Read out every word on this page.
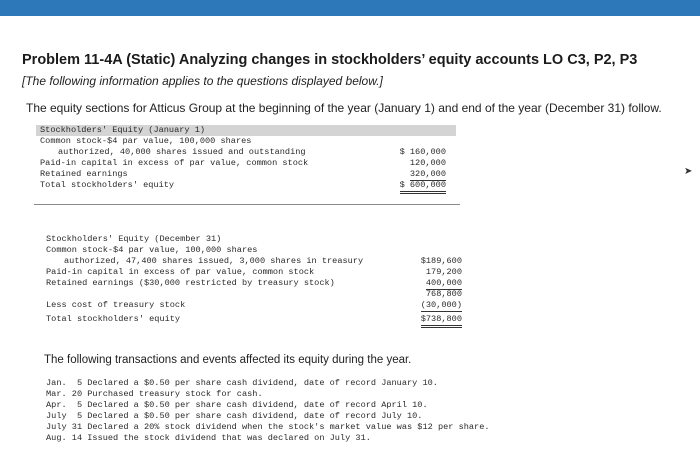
Problem 11-4A (Static) Analyzing changes in stockholders’ equity accounts LO C3, P2, P3
[The following information applies to the questions displayed below.]
The equity sections for Atticus Group at the beginning of the year (January 1) and end of the year (December 31) follow.
Stockholders' Equity (January 1)
Common stock-$4 par value, 100,000 shares
authorized, 40,000 shares issued and outstanding	$ 160,000
Paid-in capital in excess of par value, common stock	120,000
Retained earnings	320,000
Total stockholders' equity	$ 600,000
Stockholders' Equity (December 31)
Common stock-$4 par value, 100,000 shares
authorized, 47,400 shares issued, 3,000 shares in treasury	$189,600
Paid-in capital in excess of par value, common stock	179,200
Retained earnings ($30,000 restricted by treasury stock)	400,000
768,800
Less cost of treasury stock	(30,000)
Total stockholders' equity	$738,800
The following transactions and events affected its equity during the year.
Jan.  5 Declared a $0.50 per share cash dividend, date of record January 10.
Mar. 20 Purchased treasury stock for cash.
Apr.  5 Declared a $0.50 per share cash dividend, date of record April 10.
July  5 Declared a $0.50 per share cash dividend, date of record July 10.
July 31 Declared a 20% stock dividend when the stock's market value was $12 per share.
Aug. 14 Issued the stock dividend that was declared on July 31.
➤
